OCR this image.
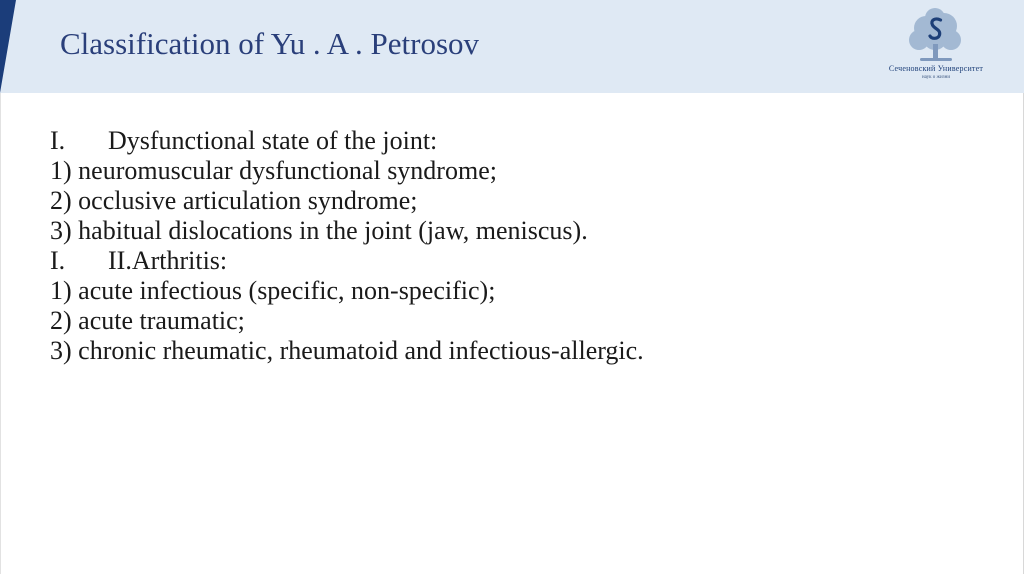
Classification of Yu . A . Petrosov
Сеченовский Университет
наук о жизни
I. Dysfunctional state of the joint:
1) neuromuscular dysfunctional syndrome;
2) occlusive articulation syndrome;
3) habitual dislocations in the joint (jaw, meniscus).
I. II.Arthritis:
1) acute infectious (specific, non-specific);
2) acute traumatic;
3) chronic rheumatic, rheumatoid and infectious-allergic.
